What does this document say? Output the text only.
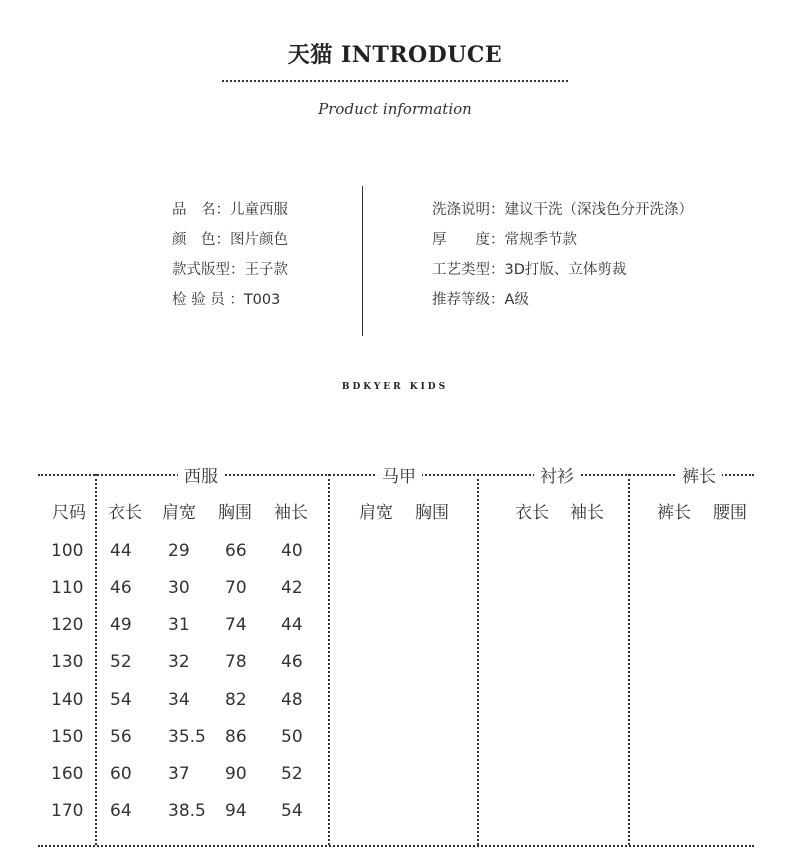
天猫 INTRODUCE
Product information
品　名：儿童西服
颜　色：图片颜色
款式版型：王子款
检 验 员 ：T003
洗涤说明：建议干洗（深浅色分开洗涤）
厚　　度：常规季节款
工艺类型：3D打版、立体剪裁
推荐等级：A级
BDKYER KIDS
西服	马甲	衬衫	裤长
尺码 衣长 肩宽 胸围 袖长	肩宽 胸围	衣长 袖长	裤长 腰围
100 44 29 66 40
110 46 30 70 42
120 49 31 74 44
130 52 32 78 46
140 54 34 82 48
150 56 35.5 86 50
160 60 37 90 52
170 64 38.5 94 54
